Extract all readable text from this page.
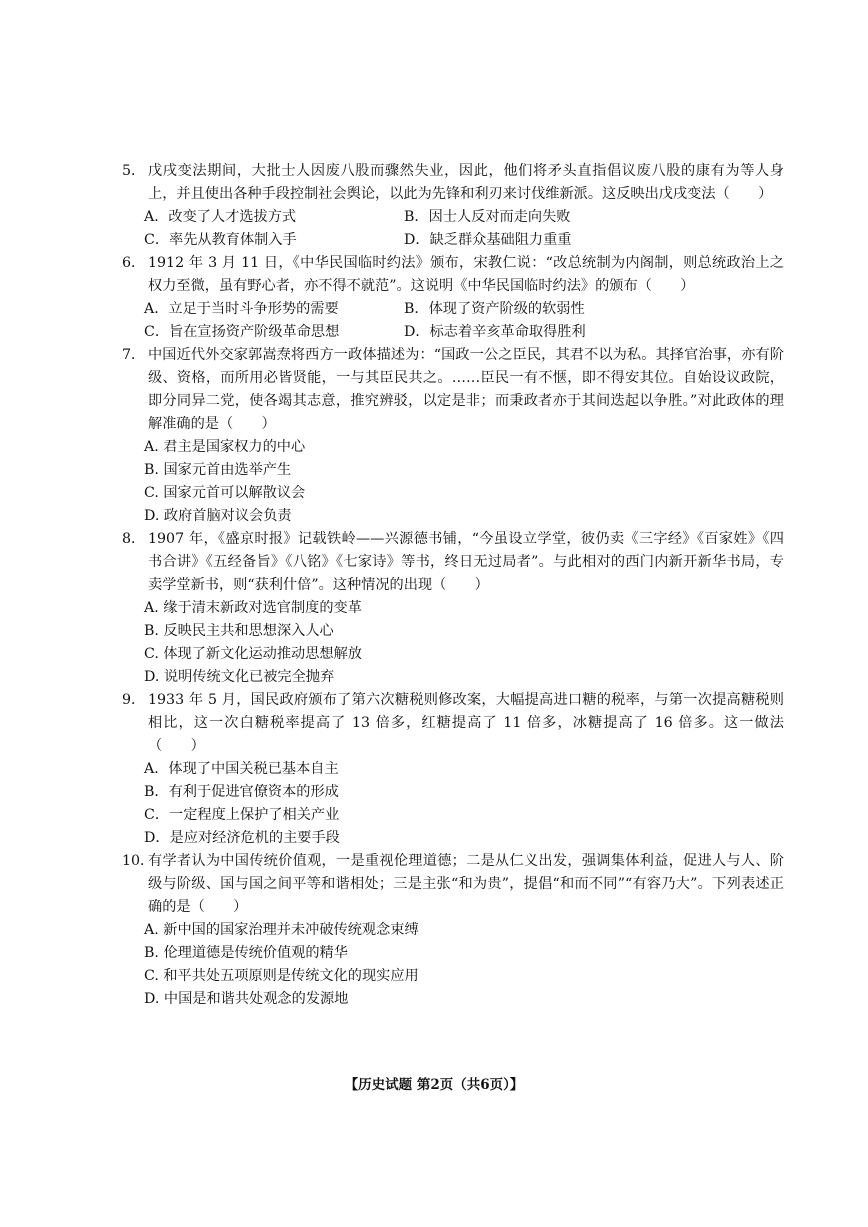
5． 戊戌变法期间，大批士人因废八股而骤然失业，因此，他们将矛头直指倡议废八股的康有为等人身上，并且使出各种手段控制社会舆论，以此为先锋和利刃来讨伐维新派。这反映出戊戌变法（　　）
A．改变了人才选拔方式	B．因士人反对而走向失败
C．率先从教育体制入手	D．缺乏群众基础阻力重重
6． 1912 年 3 月 11 日，《中华民国临时约法》颁布，宋教仁说：“改总统制为内阁制，则总统政治上之权力至微，虽有野心者，亦不得不就范”。这说明《中华民国临时约法》的颁布（　　）
A．立足于当时斗争形势的需要	B．体现了资产阶级的软弱性
C．旨在宣扬资产阶级革命思想	D．标志着辛亥革命取得胜利
7． 中国近代外交家郭嵩焘将西方一政体描述为：“国政一公之臣民，其君不以为私。其择官治事，亦有阶级、资格，而所用必皆贤能，一与其臣民共之。……臣民一有不惬，即不得安其位。自始设议政院，即分同异二党，使各竭其志意，推究辨驳，以定是非；而秉政者亦于其间迭起以争胜。”对此政体的理解准确的是（　　）
A. 君主是国家权力的中心
B. 国家元首由选举产生
C. 国家元首可以解散议会
D. 政府首脑对议会负责
8． 1907 年，《盛京时报》记载铁岭——兴源德书铺，“今虽设立学堂，彼仍卖《三字经》《百家姓》《四书合讲》《五经备旨》《八铭》《七家诗》等书，终日无过局者”。与此相对的西门内新开新华书局，专卖学堂新书，则“获利什倍”。这种情况的出现（　　）
A. 缘于清末新政对选官制度的变革
B. 反映民主共和思想深入人心
C. 体现了新文化运动推动思想解放
D. 说明传统文化已被完全抛弃
9． 1933 年 5 月，国民政府颁布了第六次糖税则修改案，大幅提高进口糖的税率，与第一次提高糖税则相比，这一次白糖税率提高了 13 倍多，红糖提高了 11 倍多，冰糖提高了 16 倍多。这一做法（　　）
A．体现了中国关税已基本自主
B．有利于促进官僚资本的形成
C．一定程度上保护了相关产业
D．是应对经济危机的主要手段
10．
有学者认为中国传统价值观，一是重视伦理道德；二是从仁义出发，强调集体利益，促进人与人、阶级与阶级、国与国之间平等和谐相处；三是主张“和为贵”，提倡“和而不同”“有容乃大”。下列表述正确的是（　　）
A. 新中国的国家治理并未冲破传统观念束缚
B. 伦理道德是传统价值观的精华
C. 和平共处五项原则是传统文化的现实应用
D. 中国是和谐共处观念的发源地
【历史试题 第2页（共6页）】
